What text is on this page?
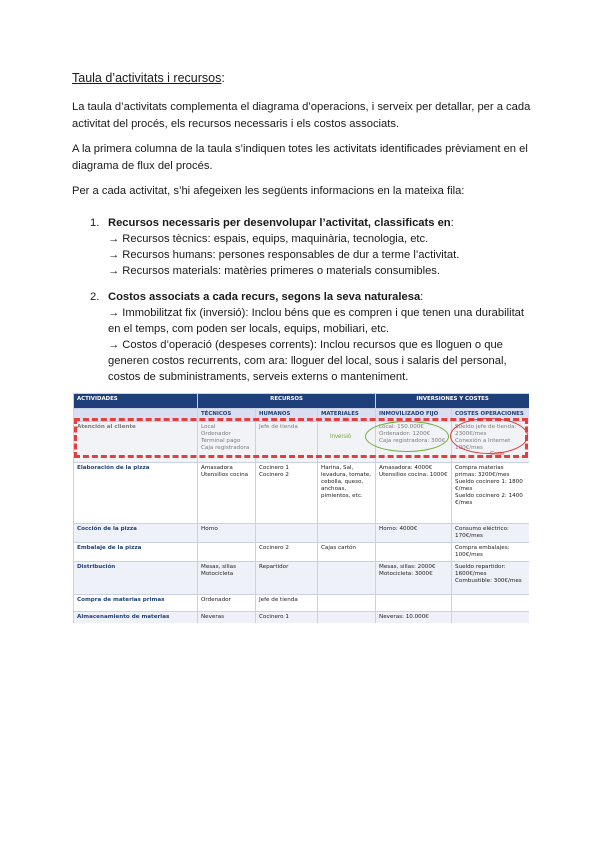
Taula d’activitats i recursos:
La taula d’activitats complementa el diagrama d’operacions, i serveix per detallar, per a cada activitat del procés, els recursos necessaris i els costos associats.
A la primera columna de la taula s’indiquen totes les activitats identificades prèviament en el diagrama de flux del procés.
Per a cada activitat, s’hi afegeixen les següents informacions en la mateixa fila:
1. Recursos necessaris per desenvolupar l’activitat, classificats en:
→ Recursos tècnics: espais, equips, maquinària, tecnologia, etc.
→ Recursos humans: persones responsables de dur a terme l’activitat.
→ Recursos materials: matèries primeres o materials consumibles.
2. Costos associats a cada recurs, segons la seva naturalesa:
→ Immobilitzat fix (inversió): Inclou béns que es compren i que tenen una durabilitat en el temps, com poden ser locals, equips, mobiliari, etc.
→ Costos d’operació (despeses corrents): Inclou recursos que es lloguen o que generen costos recurrents, com ara: lloguer del local, sous i salaris del personal, costos de subministraments, serveis externs o manteniment.
ACTIVIDADES	RECURSOS			INVERSIONES Y COSTES	
	TÉCNICOS	HUMANOS	MATERIALES	INMOVILIZADO FIJO	COSTES OPERACIONES
Atención al cliente	Local
Ordenador
Terminal pago
Caja registradora	Jefe de tienda		Local: 150.000€
Ordenador: 1200€
Caja registradora: 300€	Sueldo jefe de tienda: 2300€/mes
Conexión a Internet 100€/mes
Elaboración de la pizza	Amasadora
Utensilios cocina	Cocinero 1
Cocinero 2	Harina, Sal, levadura, tomate, cebolla, queso, anchoas, pimientos, etc.	Amasadora: 4000€
Utensilios cocina: 1000€	Compra materias primas: 3200€/mes
Sueldo cocinero 1: 1800 €/mes
Sueldo cocinero 2: 1400 €/mes
Cocción de la pizza	Horno			Horno: 4000€	Consumo eléctrico: 170€/mes
Embalaje de la pizza		Cocinero 2	Cajas cartón		Compra embalajes: 100€/mes
Distribución	Mesas, sillas
Motocicleta	Repartidor		Mesas, sillas: 2000€
Motocicleta: 3000€	Sueldo repartidor: 1600€/mes
Combustible: 300€/mes
Compra de materias primas	Ordenador	Jefe de tienda			
Almacenamiento de materias	Neveras	Cocinero 1		Neveras: 10.000€	
Inversió
Coste
